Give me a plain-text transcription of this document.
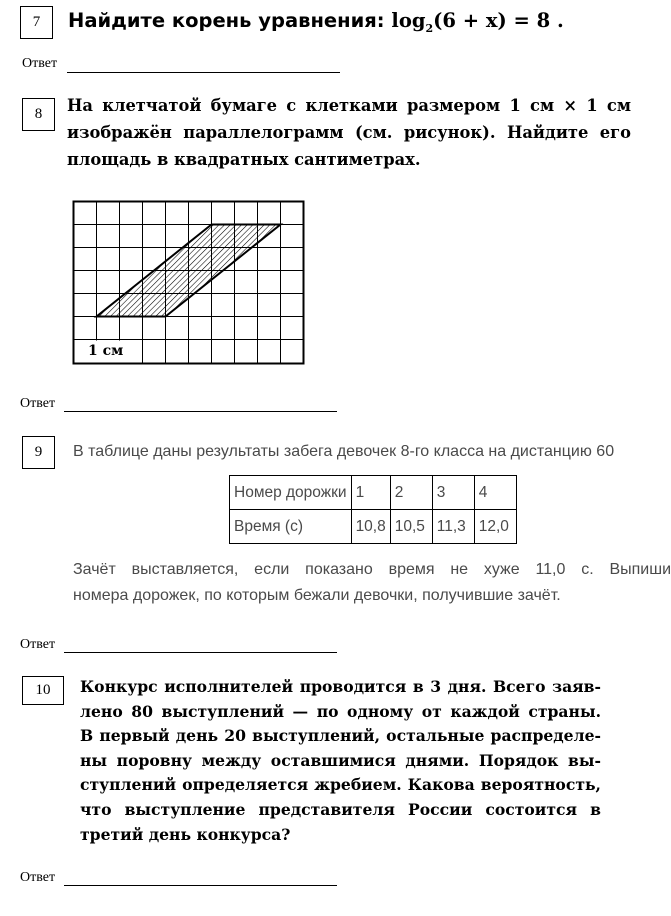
7 Найдите корень уравнения: $\log_2(6 + x) = 8$ .
Ответ
8 На клетчатой бумаге с клетками размером 1 см × 1 см
изображён параллелограмм (см. рисунок). Найдите его
площадь в квадратных сантиметрах.
1 см
Ответ
9 В таблице даны результаты забега девочек 8-го класса на дистанцию 60
Номер дорожки	1	2	3	4
Время (с)	10,8	10,5	11,3	12,0
Зачёт выставляется, если показано время не хуже 11,0 с. Выпиши
номера дорожек, по которым бежали девочки, получившие зачёт.
Ответ
10 Конкурс исполнителей проводится в 3 дня. Всего заяв-
лено 80 выступлений — по одному от каждой страны.
В первый день 20 выступлений, остальные распределе-
ны поровну между оставшимися днями. Порядок вы-
ступлений определяется жребием. Какова вероятность,
что выступление представителя России состоится в
третий день конкурса?
Ответ
